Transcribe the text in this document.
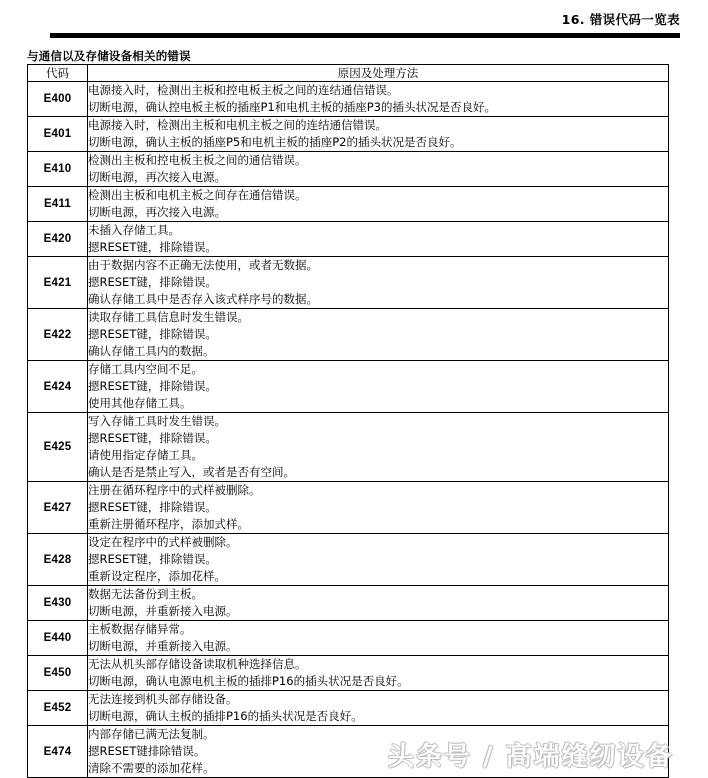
16. 错误代码一览表
与通信以及存储设备相关的错误
代码	原因及处理方法
E400	电源接入时，检测出主板和控电板主板之间的连结通信错误。
切断电源，确认控电板主板的插座P1和电机主板的插座P3的插头状况是否良好。

E401	电源接入时，检测出主板和电机主板之间的连结通信错误。
切断电源，确认主板的插座P5和电机主板的插座P2的插头状况是否良好。

E410	检测出主板和控电板主板之间的通信错误。
切断电源，再次接入电源。

E411	检测出主板和电机主板之间存在通信错误。
切断电源，再次接入电源。

E420	未插入存储工具。
摁RESET键，排除错误。

E421	由于数据内容不正确无法使用，或者无数据。
摁RESET键，排除错误。
确认存储工具中是否存入该式样序号的数据。

E422	读取存储工具信息时发生错误。
摁RESET键，排除错误。
确认存储工具内的数据。

E424	存储工具内空间不足。
摁RESET键，排除错误。
使用其他存储工具。

E425	写入存储工具时发生错误。
摁RESET键，排除错误。
请使用指定存储工具。
确认是否是禁止写入，或者是否有空间。

E427	注册在循环程序中的式样被删除。
摁RESET键，排除错误。
重新注册循环程序，添加式样。

E428	设定在程序中的式样被删除。
摁RESET键，排除错误。
重新设定程序，添加花样。

E430	数据无法备份到主板。
切断电源，并重新接入电源。

E440	主板数据存储异常。
切断电源，并重新接入电源。

E450	无法从机头部存储设备读取机种选择信息。
切断电源，确认电源电机主板的插排P16的插头状况是否良好。

E452	无法连接到机头部存储设备。
切断电源，确认主板的插排P16的插头状况是否良好。

E474	内部存储已满无法复制。
摁RESET键排除错误。
清除不需要的添加花样。	头条号 / 高端缝纫设备
